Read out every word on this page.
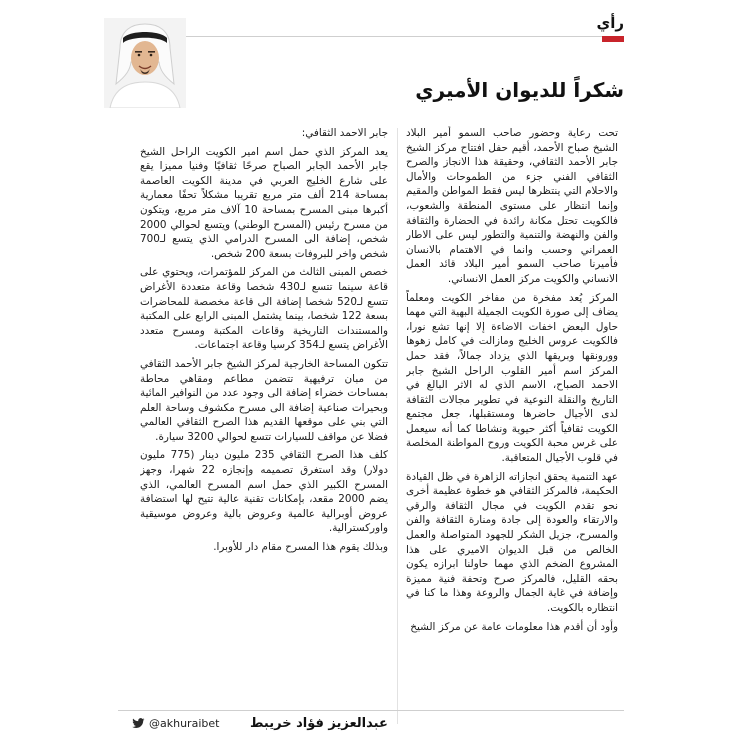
رأي
شكراً للديوان الأميري

تحت رعاية وحضور صاحب السمو أمير البلاد الشيخ صباح الأحمد، أقيم حفل افتتاح مركز الشيخ جابر الأحمد الثقافي، وحقيقة هذا الانجاز والصرح الثقافي الفني جزء من الطموحات والأمال والاحلام التي ينتظرها ليس فقط المواطن والمقيم وإنما انتظار على مستوى المنطقة والشعوب، فالكويت تحتل مكانة رائدة في الحضارة والثقافة والفن والنهضة والتنمية والتطور ليس على الاطار العمراني وحسب وانما في الاهتمام بالانسان فأميرنا صاحب السمو أمير البلاد قائد العمل الانساني والكويت مركز العمل الانساني.

المركز يُعد مفخرة من مفاخر الكويت ومعلماً يضاف إلى صورة الكويت الجميلة البهية التي مهما حاول البعض اخفات الاضاءة إلا إنها تشع نورا، فالكويت عروس الخليج ومازالت في كامل زهوها وورونقها وبريقها الذي يزداد جمالاً، فقد حمل المركز اسم أمير القلوب الراحل الشيخ جابر الاحمد الصباح، الاسم الذي له الاثر البالغ في التاريخ والنقلة النوعية في تطوير مجالات الثقافة لدى الأجيال حاضرها ومستقبلها، جعل مجتمع الكويت ثقافياً أكثر حيوية ونشاطا كما أنه سيعمل على غرس محبة الكويت وروح المواطنة المخلصة في قلوب الأجيال المتعاقبة.

عهد التنمية يحقق انجازاته الزاهرة في ظل القيادة الحكيمة، فالمركز الثقافي هو خطوة عظيمة أخرى نحو تقدم الكويت في مجال الثقافة والرقي والارتقاء والعودة إلى جادة ومنارة الثقافة والفن والمسرح، جزيل الشكر للجهود المتواصلة والعمل الخالص من قبل الديوان الاميري على هذا المشروع الضخم الذي مهما حاولنا ابرازه يكون بحقه القليل، فالمركز صرح وتحفة فنية مميزة وإضافة في غاية الجمال والروعة وهذا ما كنا في انتظاره بالكويت.

وأود أن أقدم هذا معلومات عامة عن مركز الشيخ

جابر الاحمد الثقافي:

يعد المركز الذي حمل اسم امير الكويت الراحل الشيخ جابر الأحمد الجابر الصباح صرحًا ثقافيًا وفنيا مميزا يقع على شارع الخليج العربي في مدينة الكويت العاصمة بمساحة 214 ألف متر مربع تقريبا مشكلاً تحفًا معمارية أكبرها مبنى المسرح بمساحة 10 آلاف متر مربع، ويتكون من مسرح رئيس (المسرح الوطني) ويتسع لحوالي 2000 شخص، إضافة الى المسرح الدرامي الذي يتسع لـ700 شخص واخر للبروفات بسعة 200 شخص.

خصص المبنى الثالث من المركز للمؤتمرات، ويحتوي على قاعة سينما تتسع لـ430 شخصا وقاعة متعددة الأغراض تتسع لـ520 شخصا إضافة الى قاعة مخصصة للمحاضرات بسعة 122 شخصا، بينما يشتمل المبنى الرابع على المكتبة والمستندات التاريخية وقاعات المكتبة ومسرح متعدد الأغراض يتسع لـ354 كرسيا وقاعة اجتماعات.

تتكون المساحة الخارجية لمركز الشيخ جابر الأحمد الثقافي من مبان ترفيهية تتضمن مطاعم ومقاهي محاطة بمساحات خضراء إضافة الى وجود عدد من النوافير المائية وبحيرات صناعية إضافة الى مسرح مكشوف وساحة العلم التي بني على موقعها القديم هذا الصرح الثقافي العالمي فضلا عن مواقف للسيارات تتسع لحوالي 3200 سيارة.

كلف هذا الصرح الثقافي 235 مليون دينار (775 مليون دولار) وقد استغرق تصميمه وإنجازه 22 شهرا، وجهز المسرح الكبير الذي حمل اسم المسرح العالمي، الذي يضم 2000 مقعد، بإمكانات تقنية عالية تتيح لها استضافة عروض أوبرالية عالمية وعروض بالية وعروض موسيقية واوركسترالية.

وبذلك يقوم هذا المسرح مقام دار للأوبرا.

عبدالعزيز فؤاد خريبط
@akhuraibet
